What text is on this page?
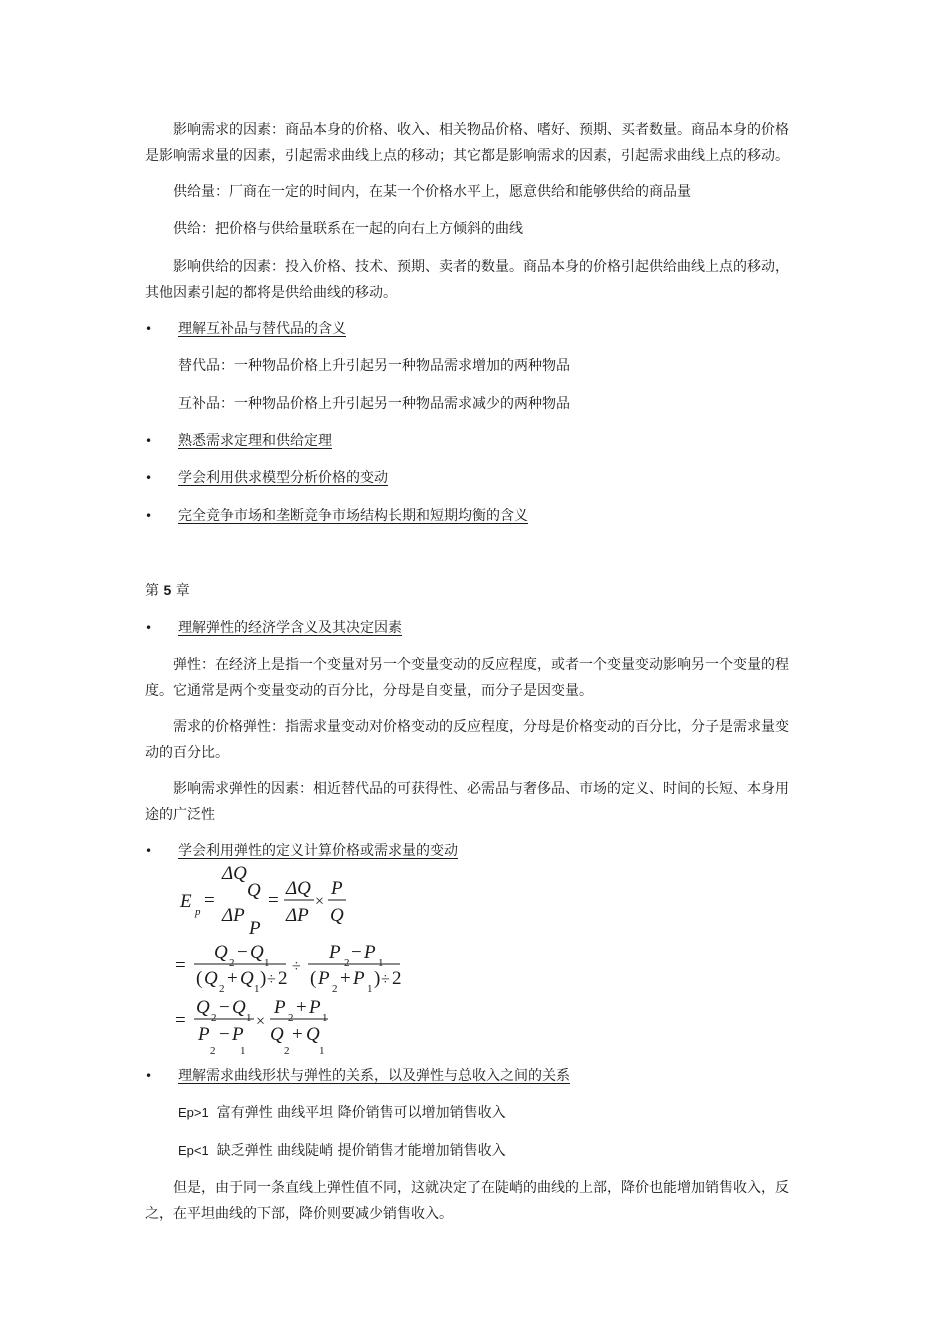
影响需求的因素：商品本身的价格、收入、相关物品价格、嗜好、预期、买者数量。商品本身的价格
是影响需求量的因素，引起需求曲线上点的移动；其它都是影响需求的因素，引起需求曲线上点的移动。
供给量：厂商在一定的时间内，在某一个价格水平上，愿意供给和能够供给的商品量
供给：把价格与供给量联系在一起的向右上方倾斜的曲线
影响供给的因素：投入价格、技术、预期、卖者的数量。商品本身的价格引起供给曲线上点的移动，
其他因素引起的都将是供给曲线的移动。
• 理解互补品与替代品的含义
替代品：一种物品价格上升引起另一种物品需求增加的两种物品
互补品：一种物品价格上升引起另一种物品需求减少的两种物品
• 熟悉需求定理和供给定理
• 学会利用供求模型分析价格的变动
• 完全竞争市场和垄断竞争市场结构长期和短期均衡的含义
第 5 章
• 理解弹性的经济学含义及其决定因素
弹性：在经济上是指一个变量对另一个变量变动的反应程度，或者一个变量变动影响另一个变量的程
度。它通常是两个变量变动的百分比，分母是自变量，而分子是因变量。
需求的价格弹性：指需求量变动对价格变动的反应程度，分母是价格变动的百分比，分子是需求量变
动的百分比。
影响需求弹性的因素：相近替代品的可获得性、必需品与奢侈品、市场的定义、时间的长短、本身用
途的广泛性
• 学会利用弹性的定义计算价格或需求量的变动
E p
=
ΔQ
Q
ΔP
P
=
ΔQ
ΔP
×
P
Q
=
Q 2 − Q 1
( Q 2 + Q 1 ) ÷ 2
÷
P 2 − P 1
( P 2 + P 1 ) ÷ 2
=
Q 2 − Q 1
P
2
− P
1
×
P 2 + P 1
Q
2
+ Q
1
• 理解需求曲线形状与弹性的关系，以及弹性与总收入之间的关系
Ep>1 富有弹性 曲线平坦 降价销售可以增加销售收入
Ep<1 缺乏弹性 曲线陡峭 提价销售才能增加销售收入
但是，由于同一条直线上弹性值不同，这就决定了在陡峭的曲线的上部，降价也能增加销售收入，反
之，在平坦曲线的下部，降价则要减少销售收入。
